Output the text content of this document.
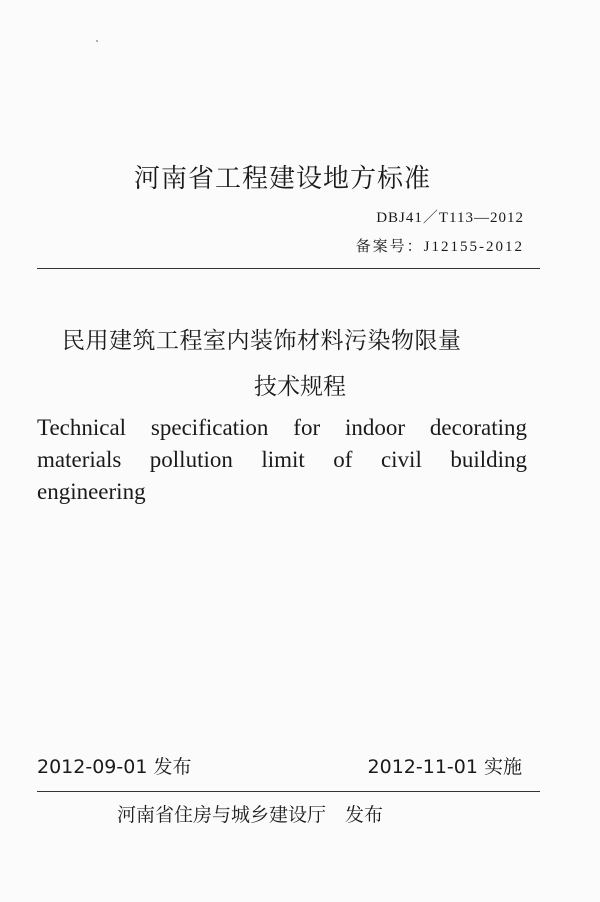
河南省工程建设地方标准
DBJ41／T113—2012
备案号：J12155-2012
民用建筑工程室内装饰材料污染物限量
技术规程
Technical specification for indoor decorating materials pollution limit of civil building engineering
2012-09-01 发布	2012-11-01 实施
河南省住房与城乡建设厅　发布
